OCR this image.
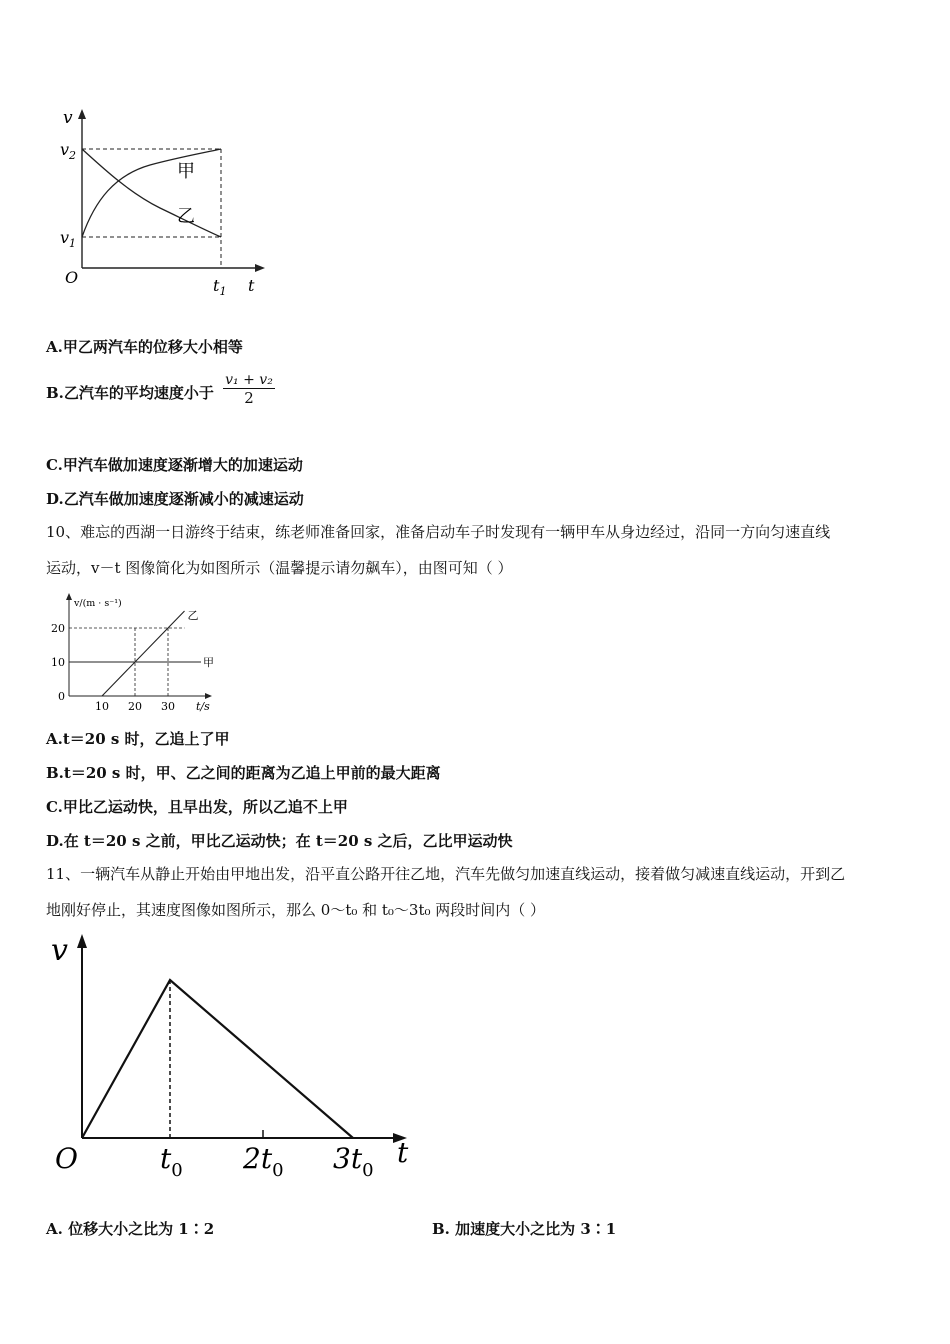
v
t
O
$v_2$
$v_1$
$t_1$
甲
乙
A.甲乙两汽车的位移大小相等
B.乙汽车的平均速度小于 $\frac{\text{v₁ + v₂}}{2}$
C.甲汽车做加速度逐渐增大的加速运动
D.乙汽车做加速度逐渐减小的减速运动
10、难忘的西湖一日游终于结束，练老师准备回家，准备启动车子时发现有一辆甲车从身边经过，沿同一方向匀速直线
运动，v－t 图像简化为如图所示（温馨提示请勿飙车），由图可知（ ）
甲
乙
0
10
20
10 20 30
v/(m · s⁻¹)
t/s
A.t＝20 s 时，乙追上了甲
B.t＝20 s 时，甲、乙之间的距离为乙追上甲前的最大距离
C.甲比乙运动快，且早出发，所以乙追不上甲
D.在 t＝20 s 之前，甲比乙运动快；在 t＝20 s 之后，乙比甲运动快
11、一辆汽车从静止开始由甲地出发，沿平直公路开往乙地，汽车先做匀加速直线运动，接着做匀减速直线运动，开到乙
地刚好停止，其速度图像如图所示，那么 0～t₀ 和 t₀～3t₀ 两段时间内（ ）
v
t
O	$t_0$ $2t_0$ $3t_0$
A. 位移大小之比为 1∶2	B. 加速度大小之比为 3∶1
